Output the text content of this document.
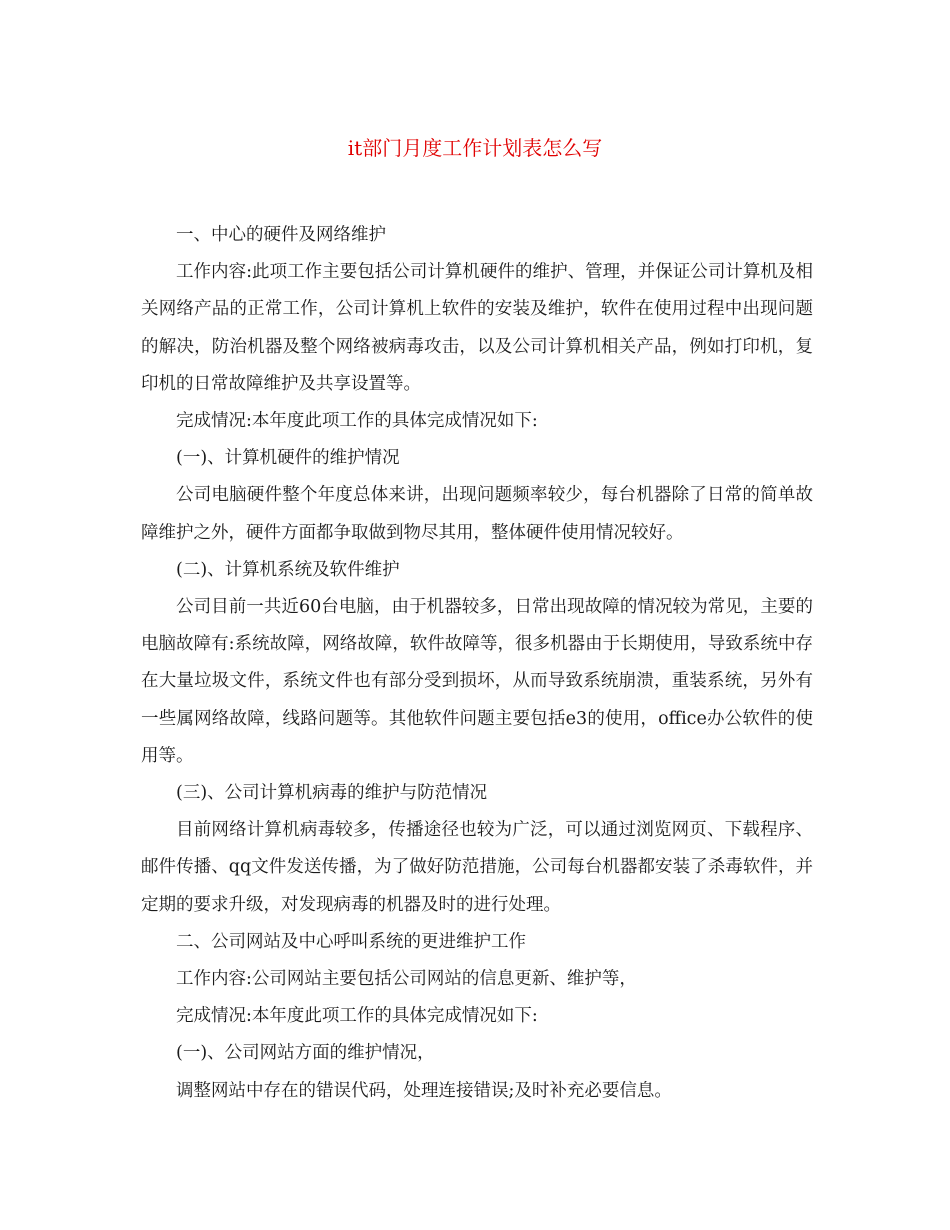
it部门月度工作计划表怎么写

一、中心的硬件及网络维护

工作内容:此项工作主要包括公司计算机硬件的维护、管理，并保证公司计算机及相关网络产品的正常工作，公司计算机上软件的安装及维护，软件在使用过程中出现问题的解决，防治机器及整个网络被病毒攻击，以及公司计算机相关产品，例如打印机，复印机的日常故障维护及共享设置等。

完成情况:本年度此项工作的具体完成情况如下:

(一)、计算机硬件的维护情况

公司电脑硬件整个年度总体来讲，出现问题频率较少，每台机器除了日常的简单故障维护之外，硬件方面都争取做到物尽其用，整体硬件使用情况较好。

(二)、计算机系统及软件维护

公司目前一共近60台电脑，由于机器较多，日常出现故障的情况较为常见，主要的电脑故障有:系统故障，网络故障，软件故障等，很多机器由于长期使用，导致系统中存在大量垃圾文件，系统文件也有部分受到损坏，从而导致系统崩溃，重装系统，另外有一些属网络故障，线路问题等。其他软件问题主要包括e3的使用，office办公软件的使用等。

(三)、公司计算机病毒的维护与防范情况

目前网络计算机病毒较多，传播途径也较为广泛，可以通过浏览网页、下载程序、邮件传播、qq文件发送传播，为了做好防范措施，公司每台机器都安装了杀毒软件，并定期的要求升级，对发现病毒的机器及时的进行处理。

二、公司网站及中心呼叫系统的更进维护工作

工作内容:公司网站主要包括公司网站的信息更新、维护等，

完成情况:本年度此项工作的具体完成情况如下:

(一)、公司网站方面的维护情况，

调整网站中存在的错误代码，处理连接错误;及时补充必要信息。
